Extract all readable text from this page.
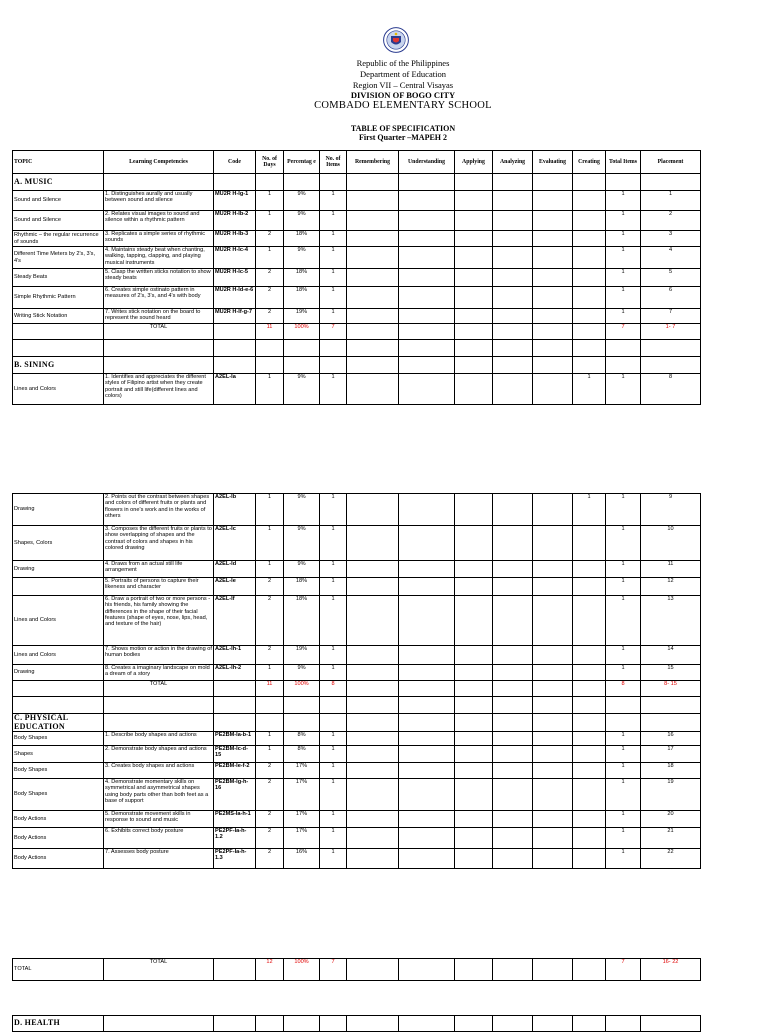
Republic of the Philippines
Department of Education
Region VII – Central Visayas
DIVISION OF BOGO CITY
COMBADO ELEMENTARY SCHOOL
TABLE OF SPECIFICATION
First Quarter –MAPEH 2
TOPIC	Learning Competencies	Code	No. of Days	Percentag e	No. of Items	Remembering	Understanding	Applying	Analyzing	Evaluating	Creating	Total Items	Placement
A. MUSIC													
Sound and Silence	1. Distinguishes aurally and usually between sound and silence	MU2R H-Ig-1	1	9%	1							1	1
Sound and Silence	2. Relates visual images to sound and silence within a rhythmic pattern	MU2R H-Ib-2	1	9%	1							1	2
Rhythmic – the regular recurrence of sounds	3. Replicates a simple series of rhythmic sounds	MU2R H-Ib-3	2	18%	1							1	3
Different Time Meters by 2's, 3's, 4's	4. Maintains steady beat when chanting, walking, tapping, clapping, and playing musical instruments	MU2R H-Ic-4	1	9%	1							1	4
Steady Beats	5. Clasp the written sticks notation to show steady beats	MU2R H-Ic-5	2	18%	1							1	5
Simple Rhythmic Pattern	6. Creates simple ostinato pattern in measures of 2's, 3's, and 4's with body	MU2R H-Id-e-6	2	18%	1							1	6
Writing Stick Notation	7. Writes stick notation on the board to represent the sound heard	MU2R H-If-g-7	2	19%	1							1	7
	TOTAL		11	100%	7							7	1- 7

B. SINING													
Lines and Colors	1. Identifies and appreciates the different styles of Filipino artist when they create portrait and still life(different lines and colors)	A2EL-Ia	1	9%	1						1	1	8
Drawing	2. Points out the contrast between shapes and colors of different fruits or plants and flowers in one's work and in the works of others	A2EL-Ib	1	9%	1						1	1	9
Shapes, Colors	3. Composes the different fruits or plants to show overlapping of shapes and the contrast of colors and shapes in his colored drawing	A2EL-Ic	1	9%	1							1	10
Drawing	4. Draws from an actual still life arrangement	A2EL-Id	1	9%	1							1	11
	5. Portraits of persons to capture their likeness and character	A2EL-Ie	2	18%	1							1	12
Lines and Colors	6. Draw a portrait of two or more persons - his friends, his family showing the differences in the shape of their facial features (shape of eyes, nose, lips, head, and texture of the hair)	A2EL-If	2	18%	1							1	13
Lines and Colors	7. Shows motion or action in the drawing of human bodies	A2EL-Ih-1	2	19%	1							1	14
Drawing	8. Creates a imaginary landscape on mold a dream of a story	A2EL-Ih-2	1	9%	1							1	15
	TOTAL		11	100%	8							8	8- 15

C. PHYSICAL EDUCATION													
Body Shapes	1. Describe body shapes and actions	PE2BM-Ia-b-1	1	8%	1							1	16
Shapes	2. Demonstrate body shapes and actions	PE2BM-Ic-d-15	1	8%	1							1	17
Body Shapes	3. Creates body shapes and actions	PE2BM-Ie-f-2	2	17%	1							1	18
Body Shapes	4. Demonstrate momentary skills on symmetrical and asymmetrical shapes using body parts other than both feet as a base of support	PE2BM-Ig-h-16	2	17%	1							1	19
Body Actions	5. Demonstrate movement skills in response to sound and music	PE2MS-Ia-h-1	2	17%	1							1	20
Body Actions	6. Exhibits correct body posture	PE2PF-Ia-h-1.2	2	17%	1							1	21
Body Actions	7. Assesses body posture	PE2PF-Ia-h-1.3	2	16%	1							1	22
TOTAL	TOTAL		12	100%	7							7	16- 22
D. HEALTH													
